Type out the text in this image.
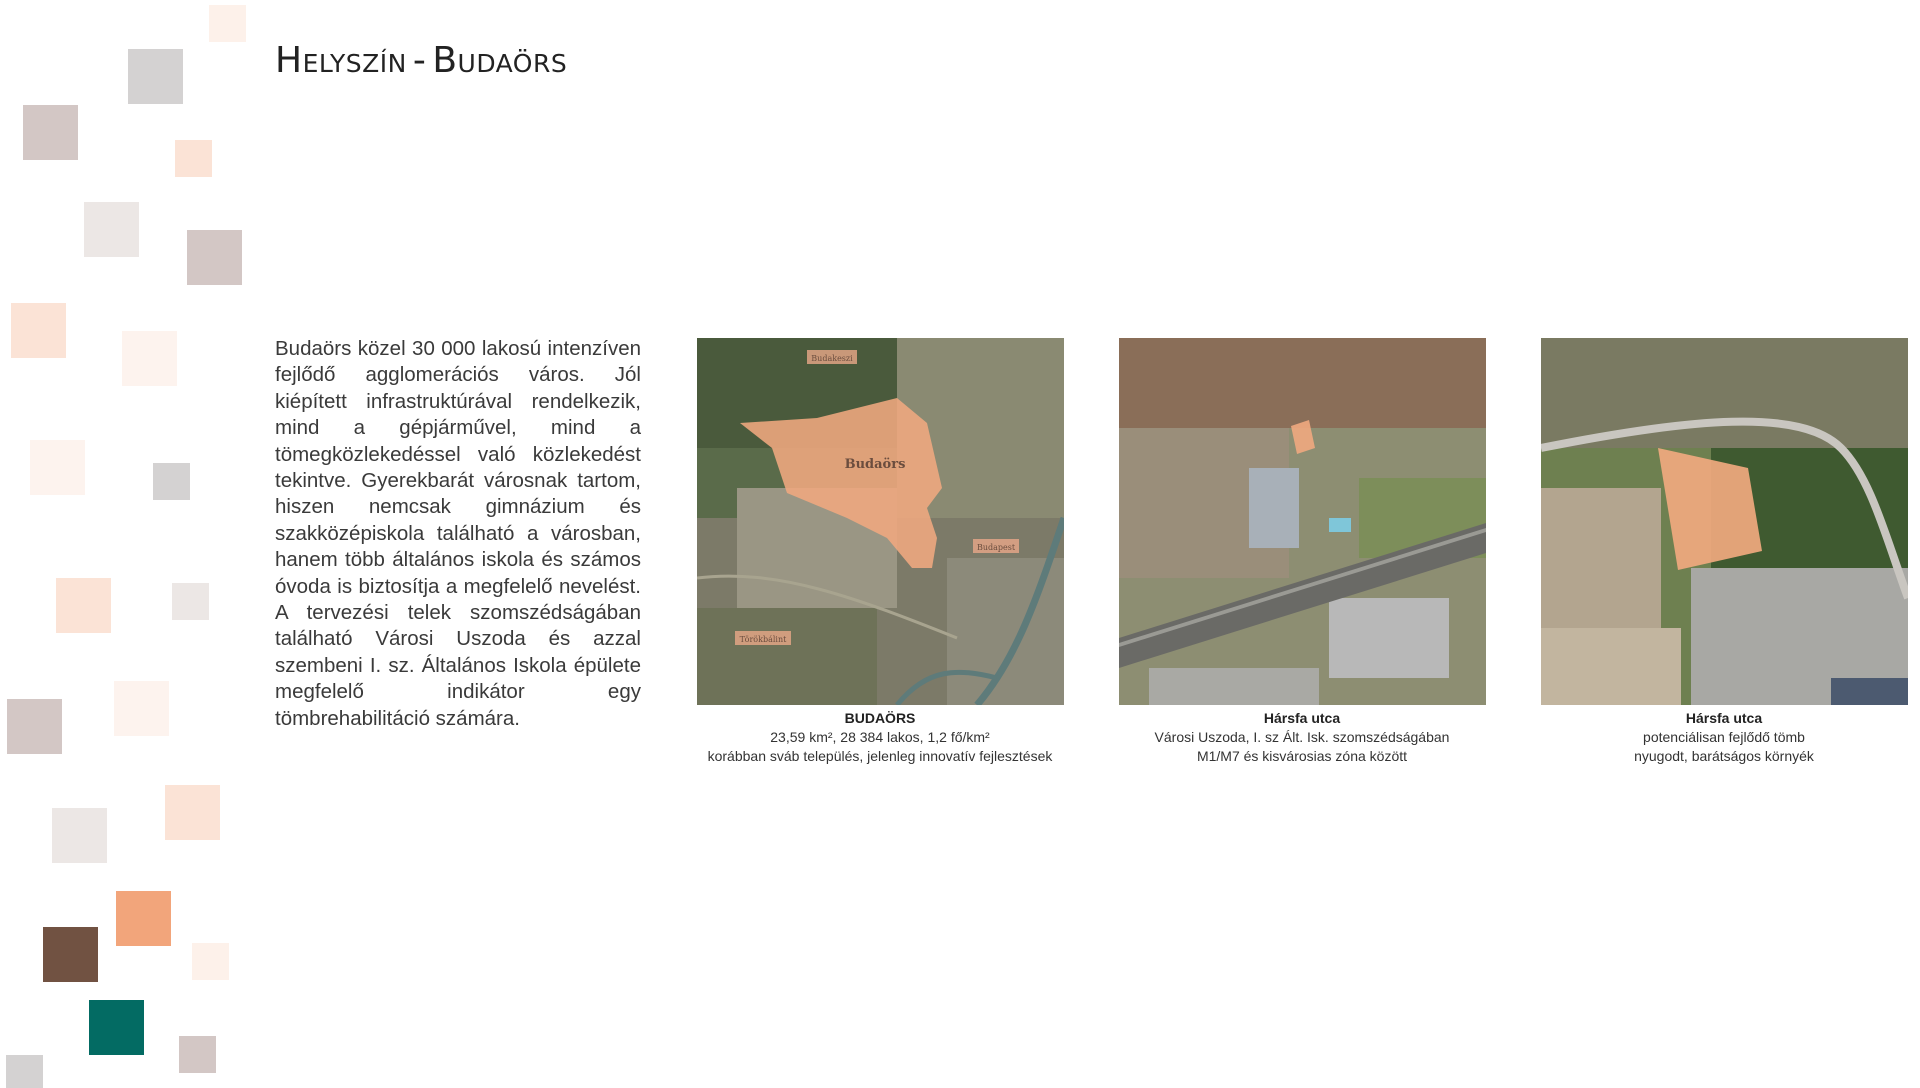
Helyszín - Budaörs

Budaörs közel 30 000 lakosú intenzíven fejlődő agglomerációs város. Jól kiépített infrastruktúrával rendelkezik, mind a gépjárművel, mind a tömegközlekedéssel való közlekedést tekintve. Gyerekbarát városnak tartom, hiszen nemcsak gimnázium és szakközépiskola található a városban, hanem több általános iskola és számos óvoda is biztosítja a megfelelő nevelést. A tervezési telek szomszédságában található Városi Uszoda és azzal szembeni I. sz. Általános Iskola épülete megfelelő indikátor egy tömbrehabilitáció számára.

Budakeszi
Budaörs
Budapest
Törökbálint
BUDAÖRS
23,59 km², 28 384 lakos, 1,2 fő/km²
korábban sváb település, jelenleg innovatív fejlesztések
Hársfa utca
Városi Uszoda, I. sz Ált. Isk. szomszédságában
M1/M7 és kisvárosias zóna között
Hársfa utca
potenciálisan fejlődő tömb
nyugodt, barátságos környék
